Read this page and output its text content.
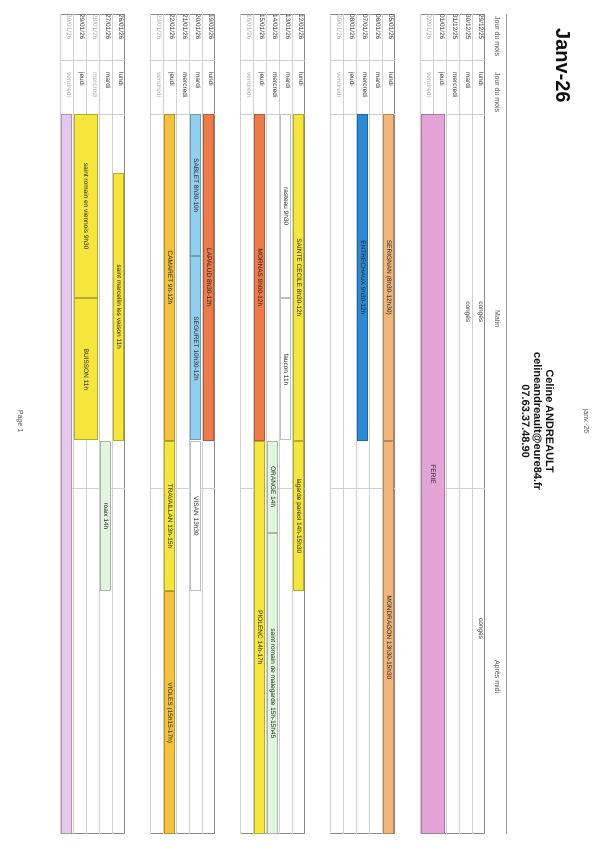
janv.-26
Janv-26
Celine ANDREAULT
celineandreault@eure84.fr
07.63.37.48.90
Jour du mois
Jour du mois
Matin
Après midi
29/12/25
lundi
congés
congés
30/12/25
mardi
congés
31/12/25
mercredi
01/01/26
jeudi
02/01/26
vendredi
FERIE
05/01/26
lundi
06/01/26
mardi
07/01/26
mercredi
08/01/26
jeudi
09/01/26
vendredi
SERIGNAN (8h30-12h30)
MONDRAGON 13h30-15h30
ENTRECHAUX 9h30-12h
12/01/26
lundi
13/01/26
mardi
14/01/26
mercredi
15/01/26
jeudi
16/01/26
vendredi
SAINTE CECILE 8h30-12h
lagarde paréol 14h-15h30
rasteau 9h30
faucon 11h
ORANGE 14h
saint romain de malegarde 15h-15h45
MORNAS 9h00-12h
PIOLENC 14h-17h
19/01/26
lundi
20/01/26
mardi
21/01/26
mercredi
22/01/26
jeudi
23/01/26
vendredi
LAPALUD 8h30-12h
SABLET 8h30-10h
SEGURET 10h30-12h
VISAN 13h30
CAMARET 9h-12h
TRAVAILLAN 13h-15h
VIOLES (15h15-17h)
26/01/26
lundi
27/01/26
mardi
28/01/26
mercredi
29/01/26
jeudi
30/01/26
vendredi
saint marcellin les vaison 11h
roaix 14h
saint romain en viennois 9h30
BUISSON 11h
Page 1
